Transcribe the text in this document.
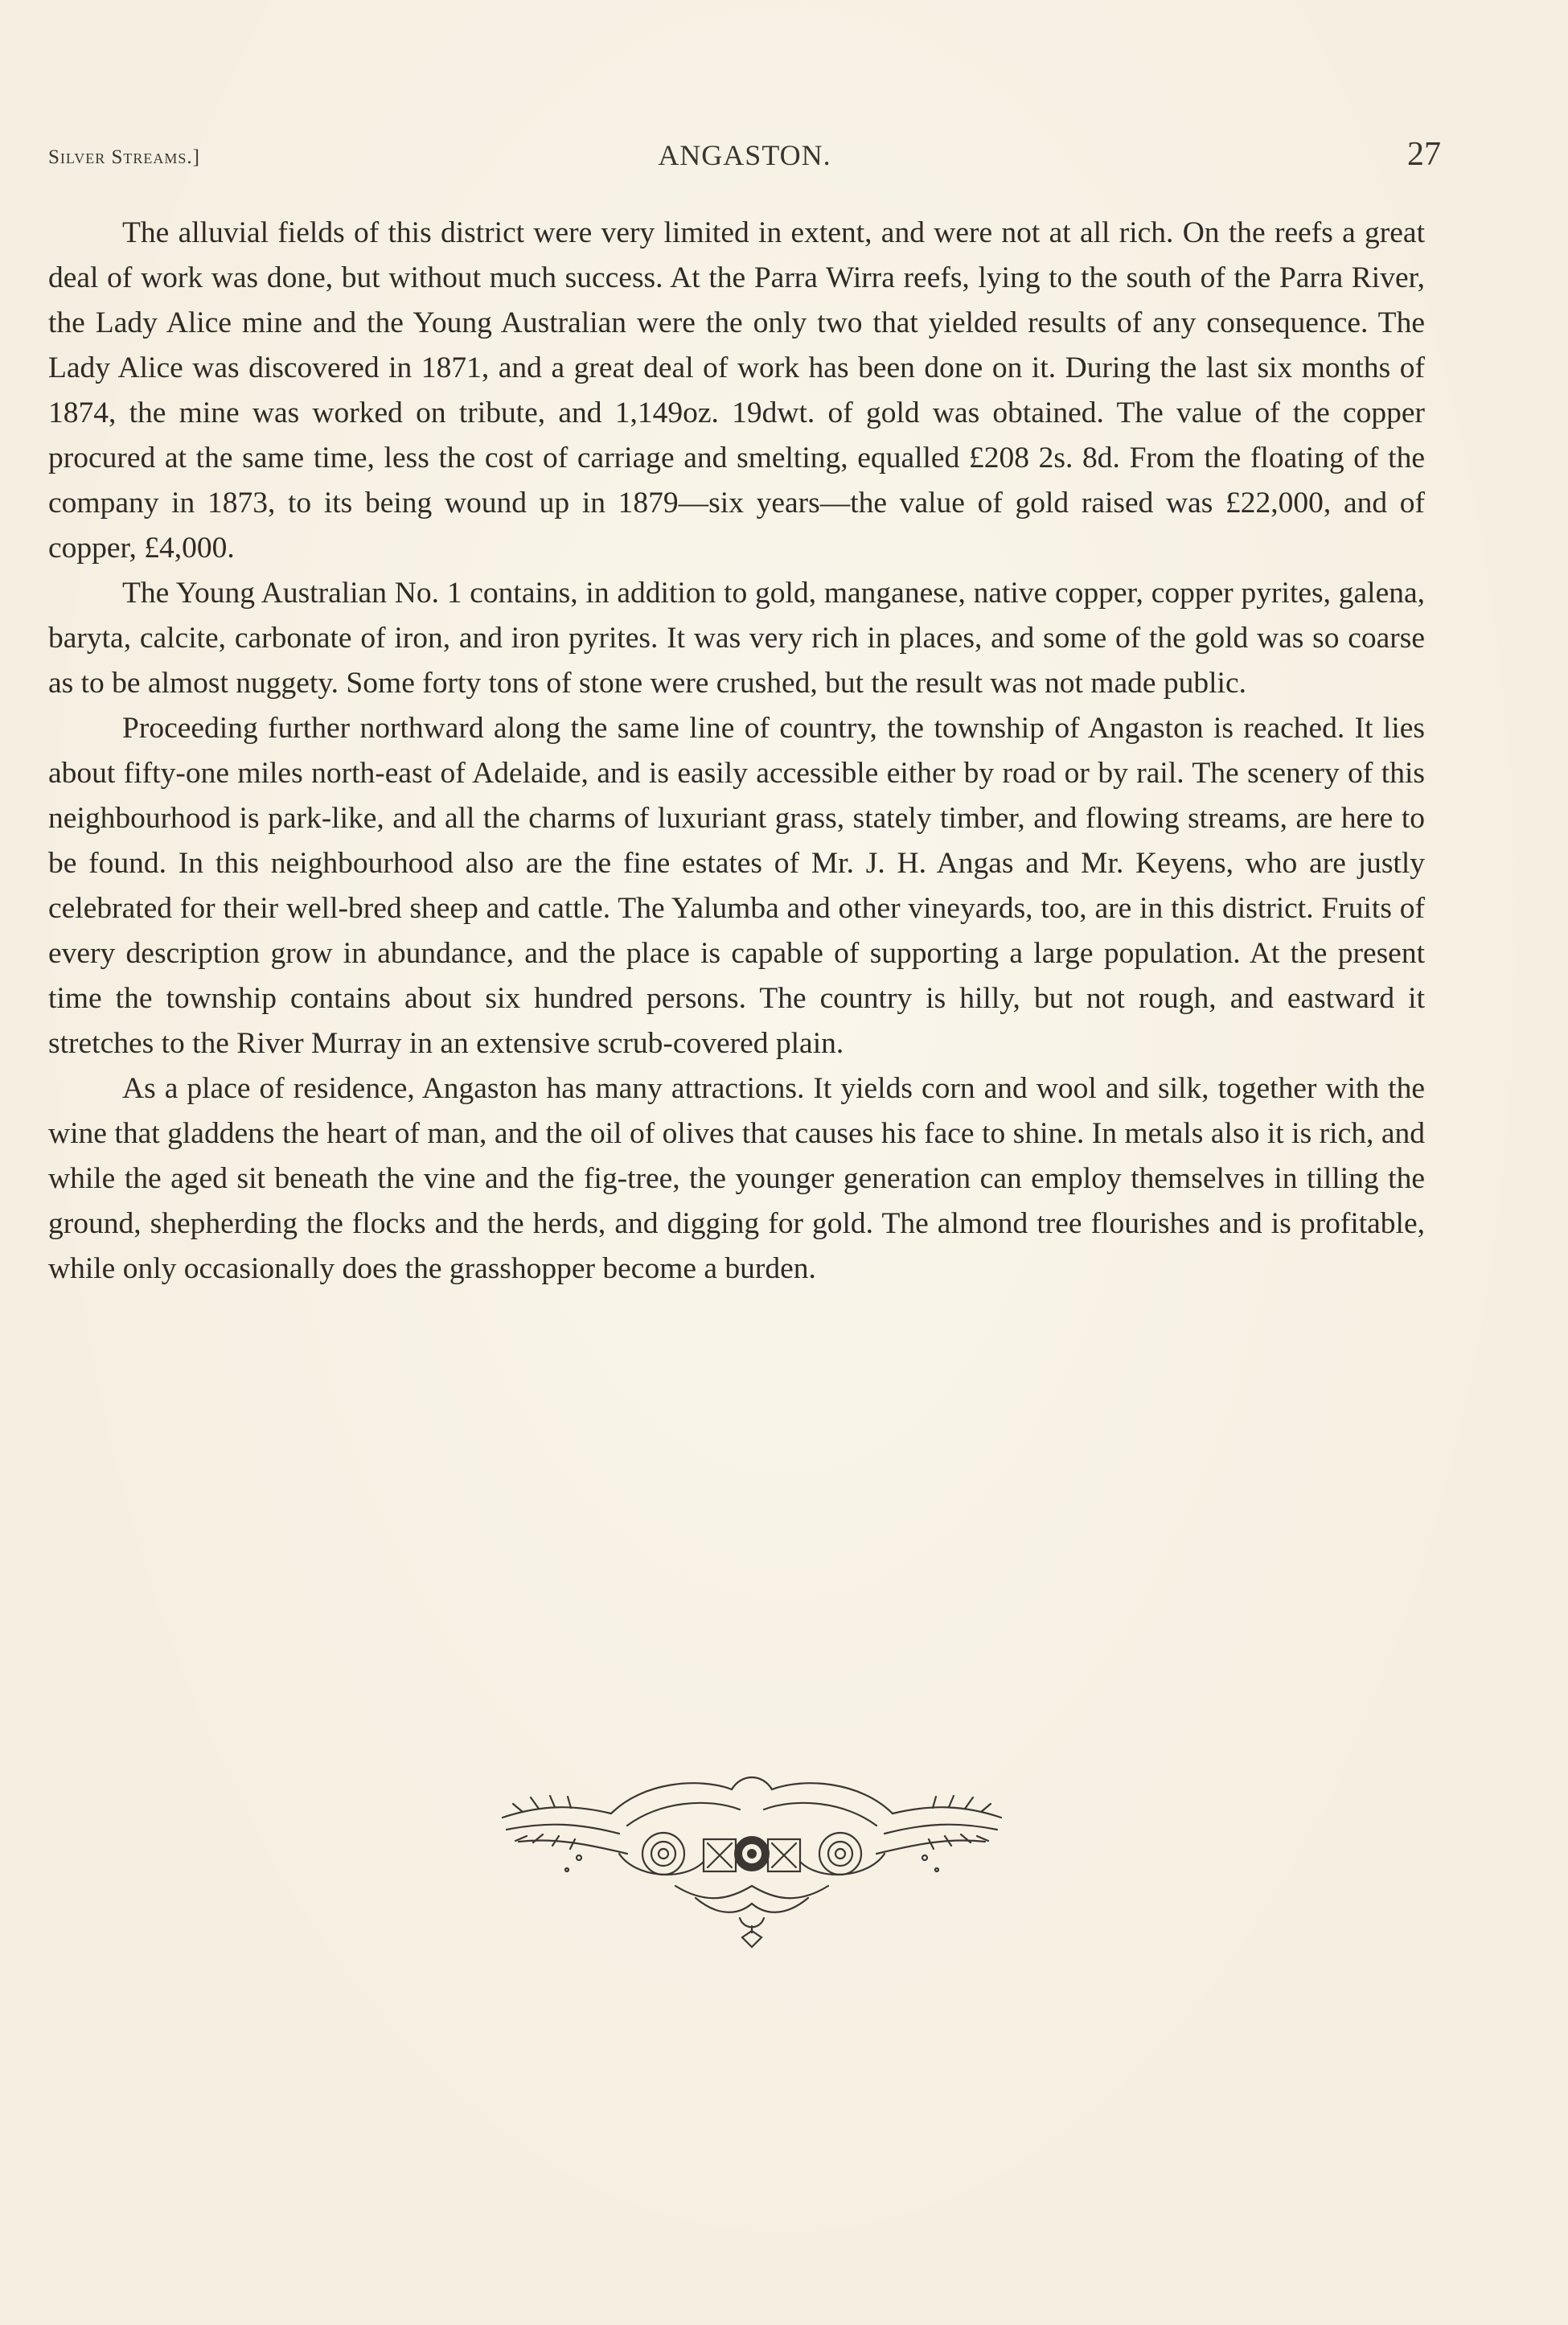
Silver Streams.]	ANGASTON.	27

The alluvial fields of this district were very limited in extent, and were not at all rich. On the reefs a great deal of work was done, but without much success. At the Parra Wirra reefs, lying to the south of the Parra River, the Lady Alice mine and the Young Australian were the only two that yielded results of any consequence. The Lady Alice was discovered in 1871, and a great deal of work has been done on it. During the last six months of 1874, the mine was worked on tribute, and 1,149oz. 19dwt. of gold was obtained. The value of the copper procured at the same time, less the cost of carriage and smelting, equalled £208 2s. 8d. From the floating of the company in 1873, to its being wound up in 1879—six years—the value of gold raised was £22,000, and of copper, £4,000.

The Young Australian No. 1 contains, in addition to gold, manganese, native copper, copper pyrites, galena, baryta, calcite, carbonate of iron, and iron pyrites. It was very rich in places, and some of the gold was so coarse as to be almost nuggety. Some forty tons of stone were crushed, but the result was not made public.

Proceeding further northward along the same line of country, the township of Angaston is reached. It lies about fifty-one miles north-east of Adelaide, and is easily accessible either by road or by rail. The scenery of this neighbourhood is park-like, and all the charms of luxuriant grass, stately timber, and flowing streams, are here to be found. In this neighbourhood also are the fine estates of Mr. J. H. Angas and Mr. Keyens, who are justly celebrated for their well-bred sheep and cattle. The Yalumba and other vineyards, too, are in this district. Fruits of every description grow in abundance, and the place is capable of supporting a large population. At the present time the township contains about six hundred persons. The country is hilly, but not rough, and eastward it stretches to the River Murray in an extensive scrub-covered plain.

As a place of residence, Angaston has many attractions. It yields corn and wool and silk, together with the wine that gladdens the heart of man, and the oil of olives that causes his face to shine. In metals also it is rich, and while the aged sit beneath the vine and the fig-tree, the younger generation can employ themselves in tilling the ground, shepherding the flocks and the herds, and digging for gold. The almond tree flourishes and is profitable, while only occasionally does the grasshopper become a burden.
